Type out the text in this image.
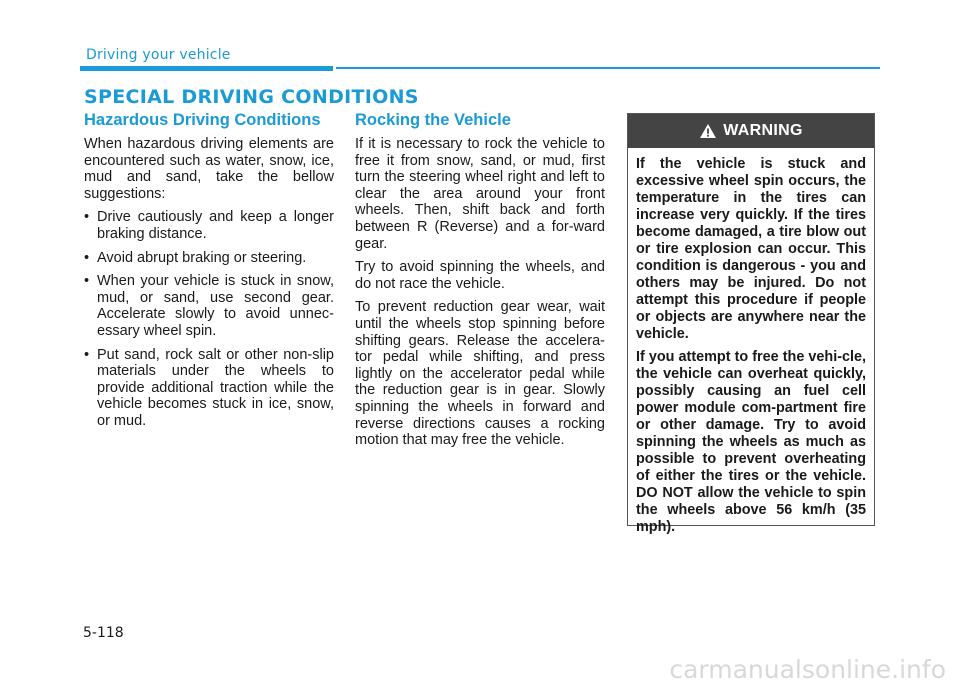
Driving your vehicle
SPECIAL DRIVING CONDITIONS
Hazardous Driving Conditions

When hazardous driving elements are encountered such as water, snow, ice, mud and sand, take the bellow suggestions:

• Drive cautiously and keep a longer braking distance.
• Avoid abrupt braking or steering.
• When your vehicle is stuck in snow, mud, or sand, use second gear. Accelerate slowly to avoid unnec-essary wheel spin.
• Put sand, rock salt or other non-slip materials under the wheels to provide additional traction while the vehicle becomes stuck in ice, snow, or mud.
Rocking the Vehicle

If it is necessary to rock the vehicle to free it from snow, sand, or mud, first turn the steering wheel right and left to clear the area around your front wheels. Then, shift back and forth between R (Reverse) and a for-ward gear.

Try to avoid spinning the wheels, and do not race the vehicle.

To prevent reduction gear wear, wait until the wheels stop spinning before shifting gears. Release the accelera-tor pedal while shifting, and press lightly on the accelerator pedal while the reduction gear is in gear. Slowly spinning the wheels in forward and reverse directions causes a rocking motion that may free the vehicle.

WARNING

If the vehicle is stuck and excessive wheel spin occurs, the temperature in the tires can increase very quickly. If the tires become damaged, a tire blow out or tire explosion can occur. This condition is dangerous - you and others may be injured. Do not attempt this procedure if people or objects are anywhere near the vehicle.

If you attempt to free the vehi-cle, the vehicle can overheat quickly, possibly causing an fuel cell power module com-partment fire or other damage. Try to avoid spinning the wheels as much as possible to prevent overheating of either the tires or the vehicle. DO NOT allow the vehicle to spin the wheels above 56 km/h (35 mph).

5-118
carmanualsonline.info
